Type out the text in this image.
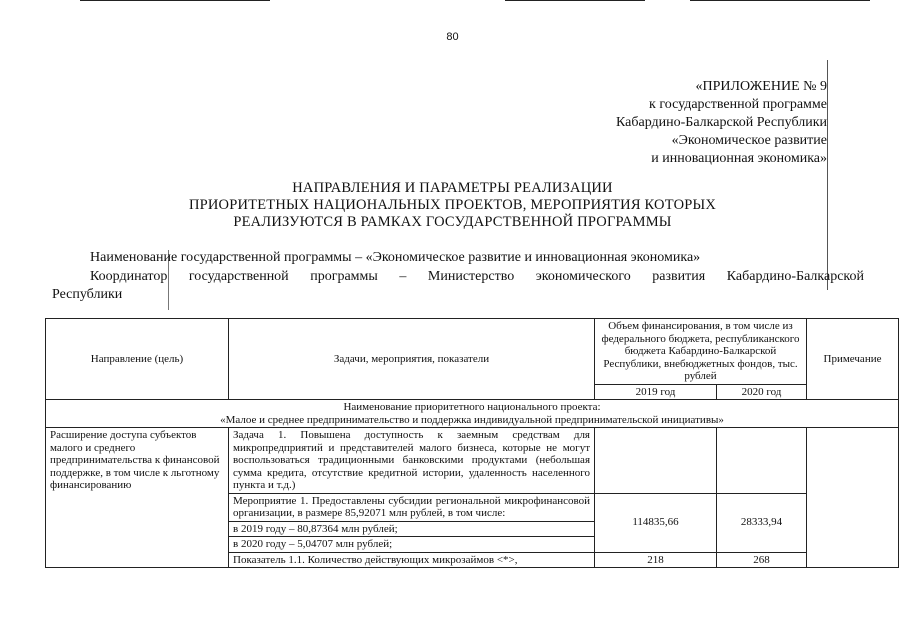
80
«ПРИЛОЖЕНИЕ № 9
к государственной программе
Кабардино-Балкарской Республики
«Экономическое развитие
и инновационная экономика»
НАПРАВЛЕНИЯ И ПАРАМЕТРЫ РЕАЛИЗАЦИИ
ПРИОРИТЕТНЫХ НАЦИОНАЛЬНЫХ ПРОЕКТОВ, МЕРОПРИЯТИЯ КОТОРЫХ
РЕАЛИЗУЮТСЯ В РАМКАХ ГОСУДАРСТВЕННОЙ ПРОГРАММЫ
Наименование государственной программы – «Экономическое развитие и инновационная экономика»
Координатор государственной программы – Министерство экономического развития Кабардино-Балкарской
Республики
Направление (цель)	Задачи, мероприятия, показатели	Объем финансирования, в том числе из федерального бюджета, республиканского бюджета Кабардино-Балкарской Республики, внебюджетных фондов, тыс. рублей		Примечание
		2019 год	2020 год	

Наименование приоритетного национального проекта:
«Малое и среднее предпринимательство и поддержка индивидуальной предпринимательской инициативы»				

Расширение доступа субъектов малого и среднего предпринимательства к финансовой поддержке, в том числе к льготному финансированию	Задача 1. Повышена доступность к заемным средствам для микропредприятий и представителей малого бизнеса, которые не могут воспользоваться традиционными банковскими продуктами (небольшая сумма кредита, отсутствие кредитной истории, удаленность населенного пункта и т.д.)			
	Мероприятие 1. Предоставлены субсидии региональной микрофинансовой организации, в размере 85,92071 млн рублей, в том числе:	114835,66	28333,94	
	в 2019 году – 80,87364 млн рублей;			
	в 2020 году – 5,04707 млн рублей;			
	Показатель 1.1. Количество действующих микрозаймов <*>,	218	268	
